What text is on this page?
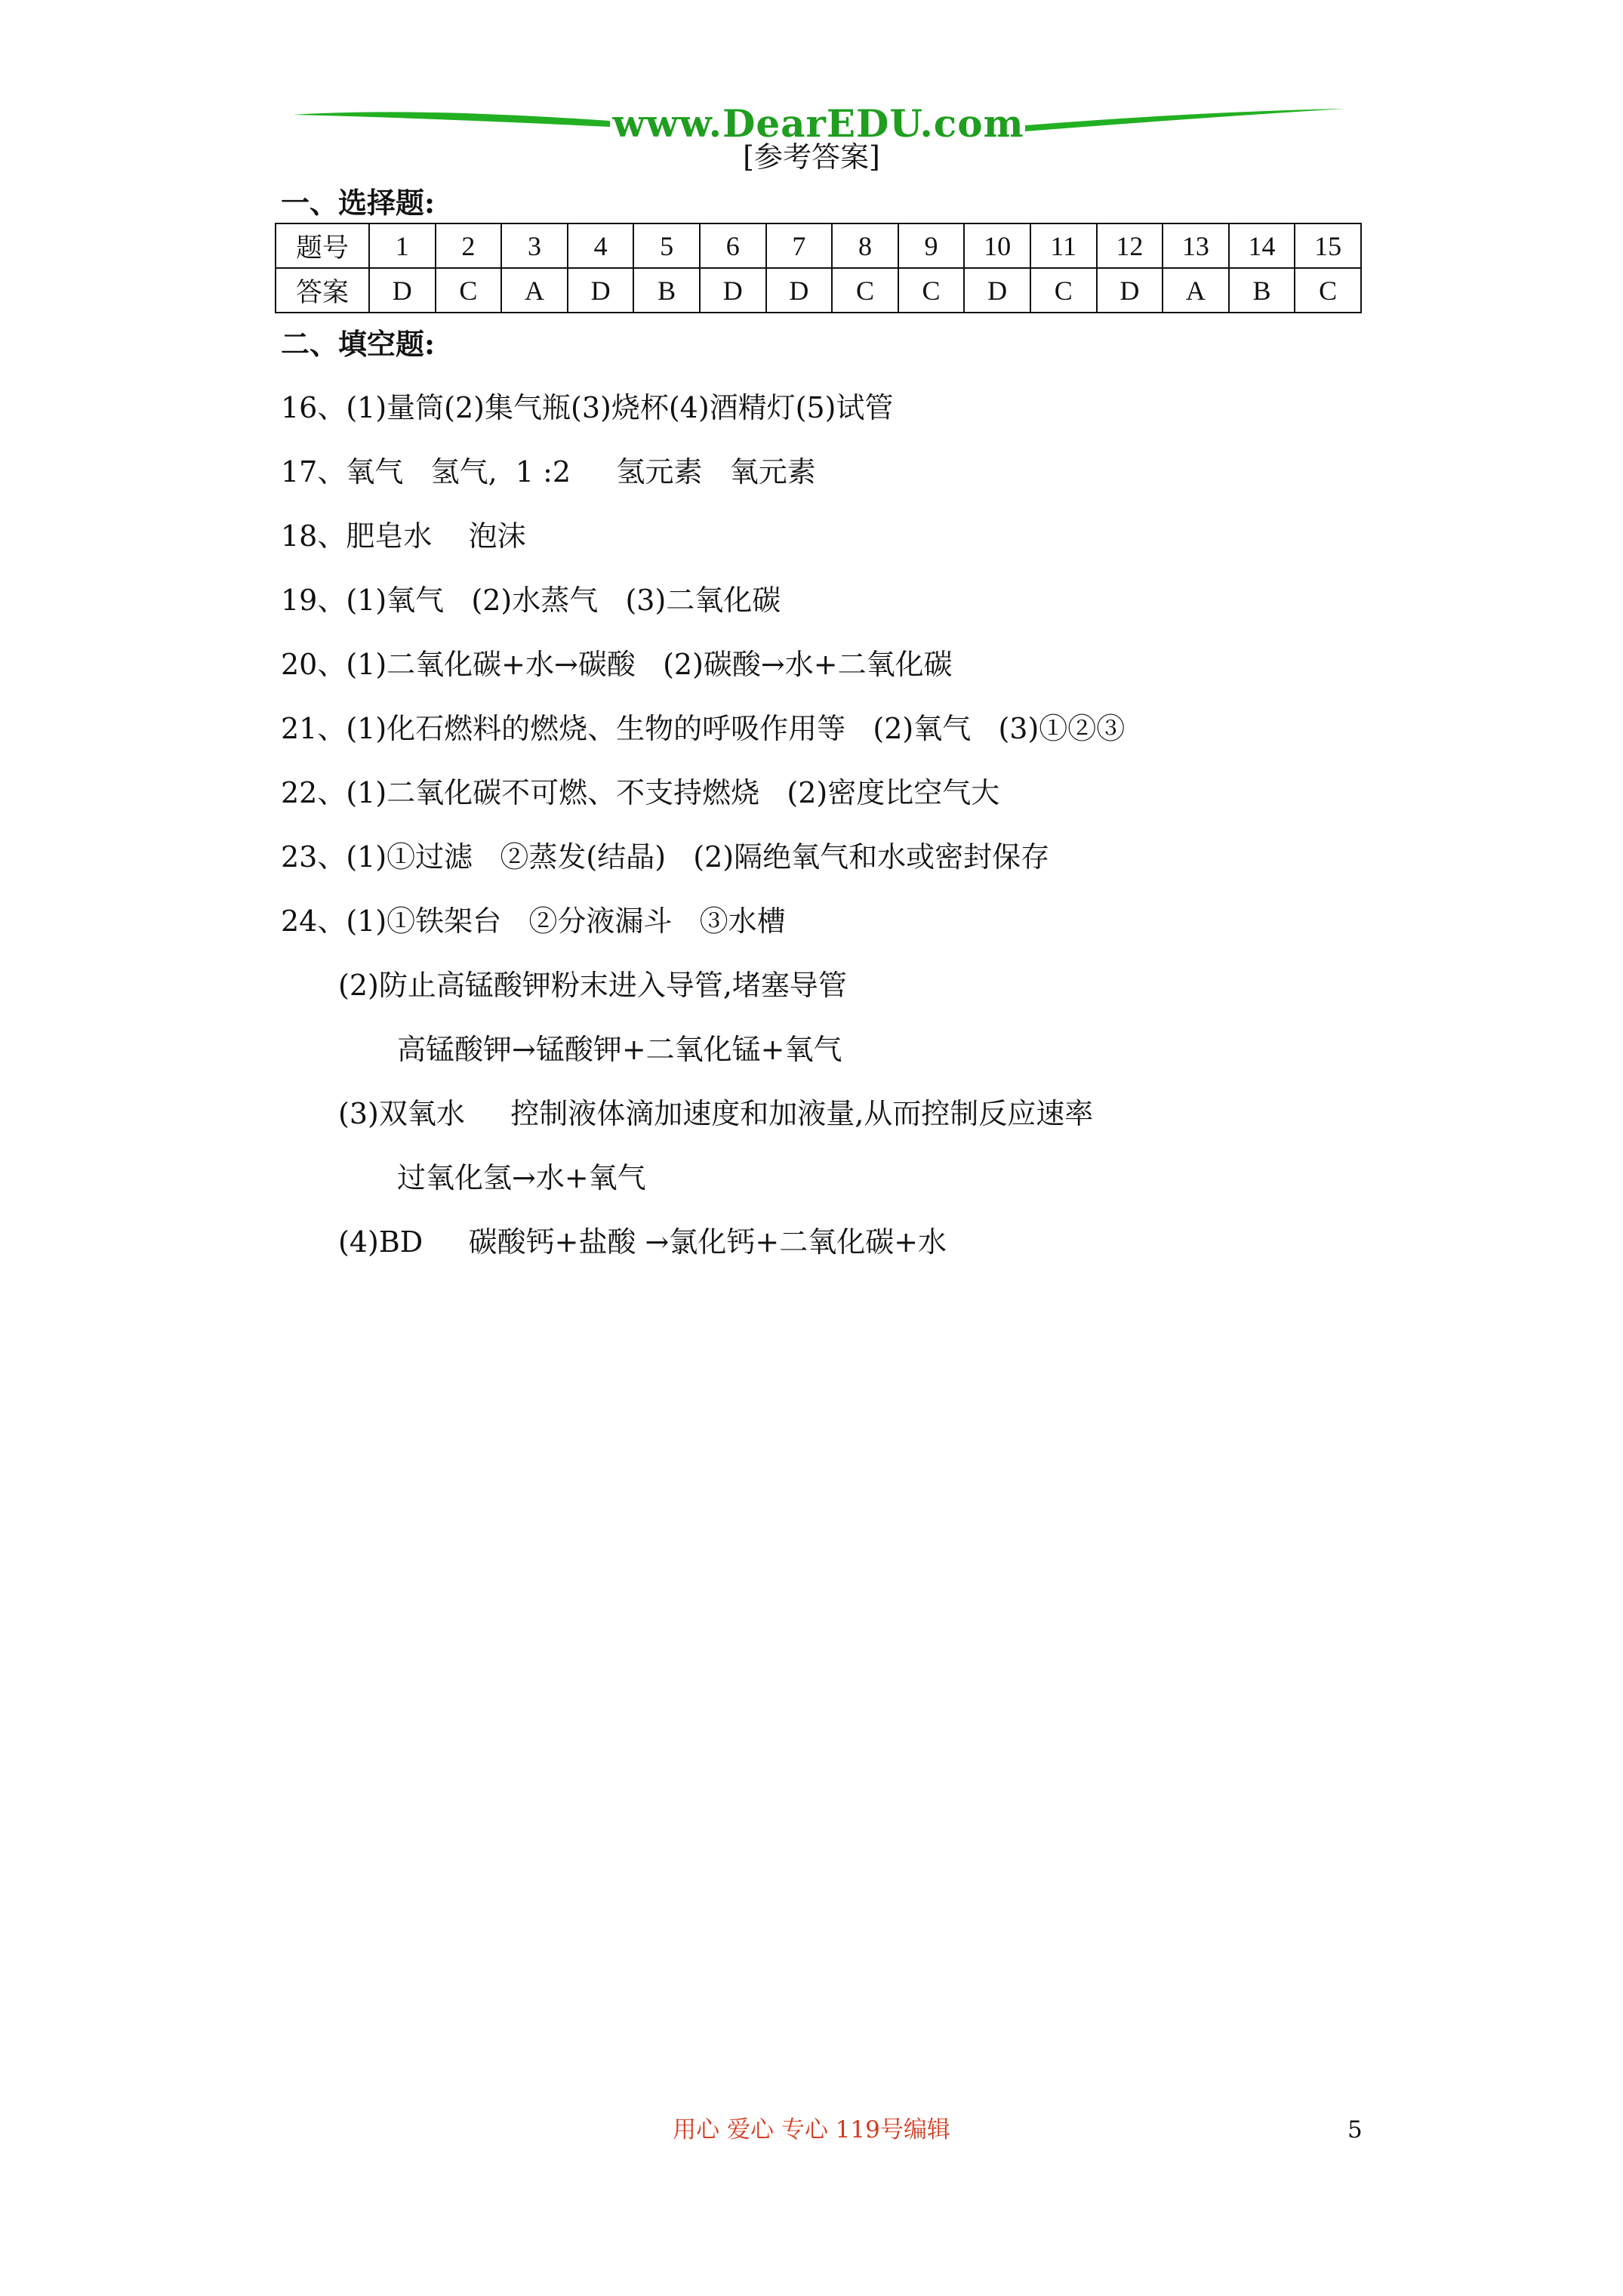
www.DearEDU.com
[参考答案]
一、选择题:
题号	1	2	3	4	5	6	7	8	9	10	11	12	13	14	15
答案	D	C	A	D	B	D	D	C	C	D	C	D	A	B	C
二、填空题:
16、(1)量筒(2)集气瓶(3)烧杯(4)酒精灯(5)试管
17、氧气   氢气,  1 :2     氢元素   氧元素
18、肥皂水    泡沫
19、(1)氧气   (2)水蒸气   (3)二氧化碳
20、(1)二氧化碳+水→碳酸   (2)碳酸→水+二氧化碳
21、(1)化石燃料的燃烧、生物的呼吸作用等   (2)氧气   (3)①②③
22、(1)二氧化碳不可燃、不支持燃烧   (2)密度比空气大
23、(1)①过滤   ②蒸发(结晶)   (2)隔绝氧气和水或密封保存
24、(1)①铁架台   ②分液漏斗   ③水槽
(2)防止高锰酸钾粉末进入导管,堵塞导管
高锰酸钾→锰酸钾+二氧化锰+氧气
(3)双氧水     控制液体滴加速度和加液量,从而控制反应速率
过氧化氢→水+氧气
(4)BD     碳酸钙+盐酸 →氯化钙+二氧化碳+水
用心 爱心 专心 119号编辑	5
